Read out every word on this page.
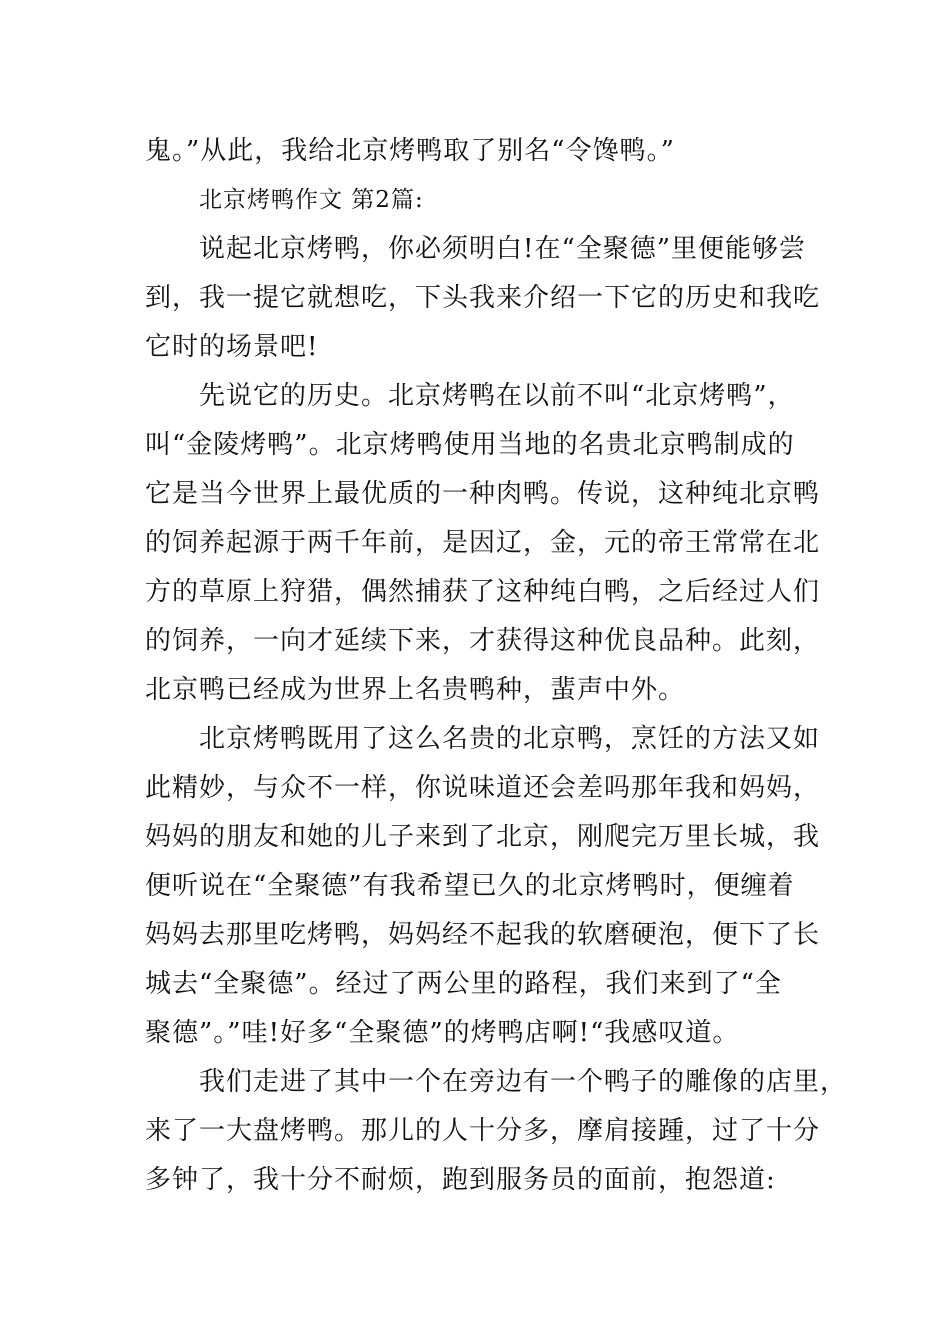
鬼。”从此，我给北京烤鸭取了别名“令馋鸭。”
北京烤鸭作文 第2篇:
说起北京烤鸭，你必须明白!在“全聚德”里便能够尝
到，我一提它就想吃，下头我来介绍一下它的历史和我吃
它时的场景吧!
先说它的历史。北京烤鸭在以前不叫“北京烤鸭”，
叫“金陵烤鸭”。北京烤鸭使用当地的名贵北京鸭制成的
它是当今世界上最优质的一种肉鸭。传说，这种纯北京鸭
的饲养起源于两千年前，是因辽，金，元的帝王常常在北
方的草原上狩猎，偶然捕获了这种纯白鸭，之后经过人们
的饲养，一向才延续下来，才获得这种优良品种。此刻，
北京鸭已经成为世界上名贵鸭种，蜚声中外。
北京烤鸭既用了这么名贵的北京鸭，烹饪的方法又如
此精妙，与众不一样，你说味道还会差吗那年我和妈妈，
妈妈的朋友和她的儿子来到了北京，刚爬完万里长城，我
便听说在“全聚德”有我希望已久的北京烤鸭时，便缠着
妈妈去那里吃烤鸭，妈妈经不起我的软磨硬泡，便下了长
城去“全聚德”。经过了两公里的路程，我们来到了“全
聚德”。”哇!好多“全聚德”的烤鸭店啊!“我感叹道。
我们走进了其中一个在旁边有一个鸭子的雕像的店里，
来了一大盘烤鸭。那儿的人十分多，摩肩接踵，过了十分
多钟了，我十分不耐烦，跑到服务员的面前，抱怨道:
